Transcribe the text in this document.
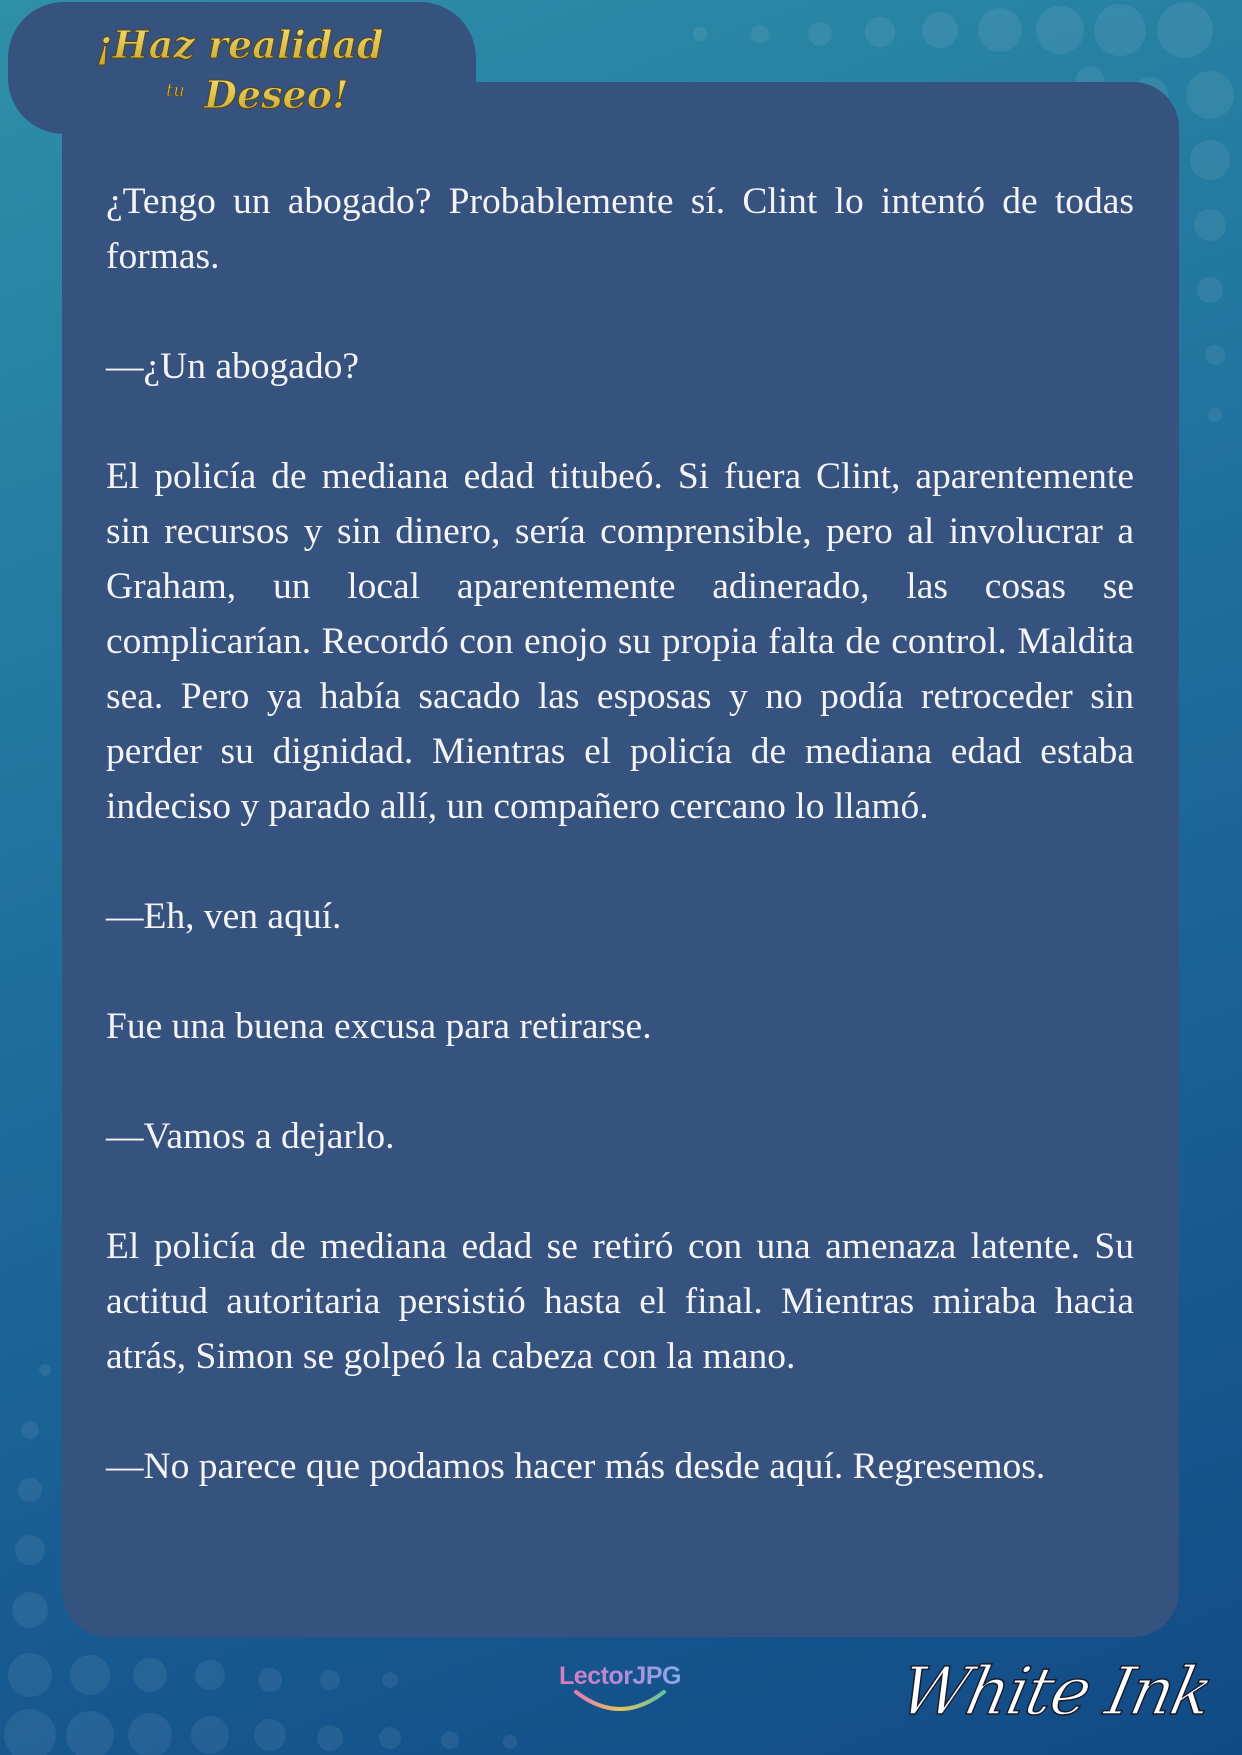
¡Haz realidad
tu Deseo!

¿Tengo un abogado? Probablemente sí. Clint lo intentó de todas formas.

—¿Un abogado?

El policía de mediana edad titubeó. Si fuera Clint, aparentemente sin recursos y sin dinero, sería comprensible, pero al involucrar a Graham, un local aparentemente adinerado, las cosas se complicarían. Recordó con enojo su propia falta de control. Maldita sea. Pero ya había sacado las esposas y no podía retroceder sin perder su dignidad. Mientras el policía de mediana edad estaba indeciso y parado allí, un compañero cercano lo llamó.

—Eh, ven aquí.

Fue una buena excusa para retirarse.

—Vamos a dejarlo.

El policía de mediana edad se retiró con una amenaza latente. Su actitud autoritaria persistió hasta el final. Mientras miraba hacia atrás, Simon se golpeó la cabeza con la mano.

—No parece que podamos hacer más desde aquí. Regresemos.

LectorJPG	White Ink
